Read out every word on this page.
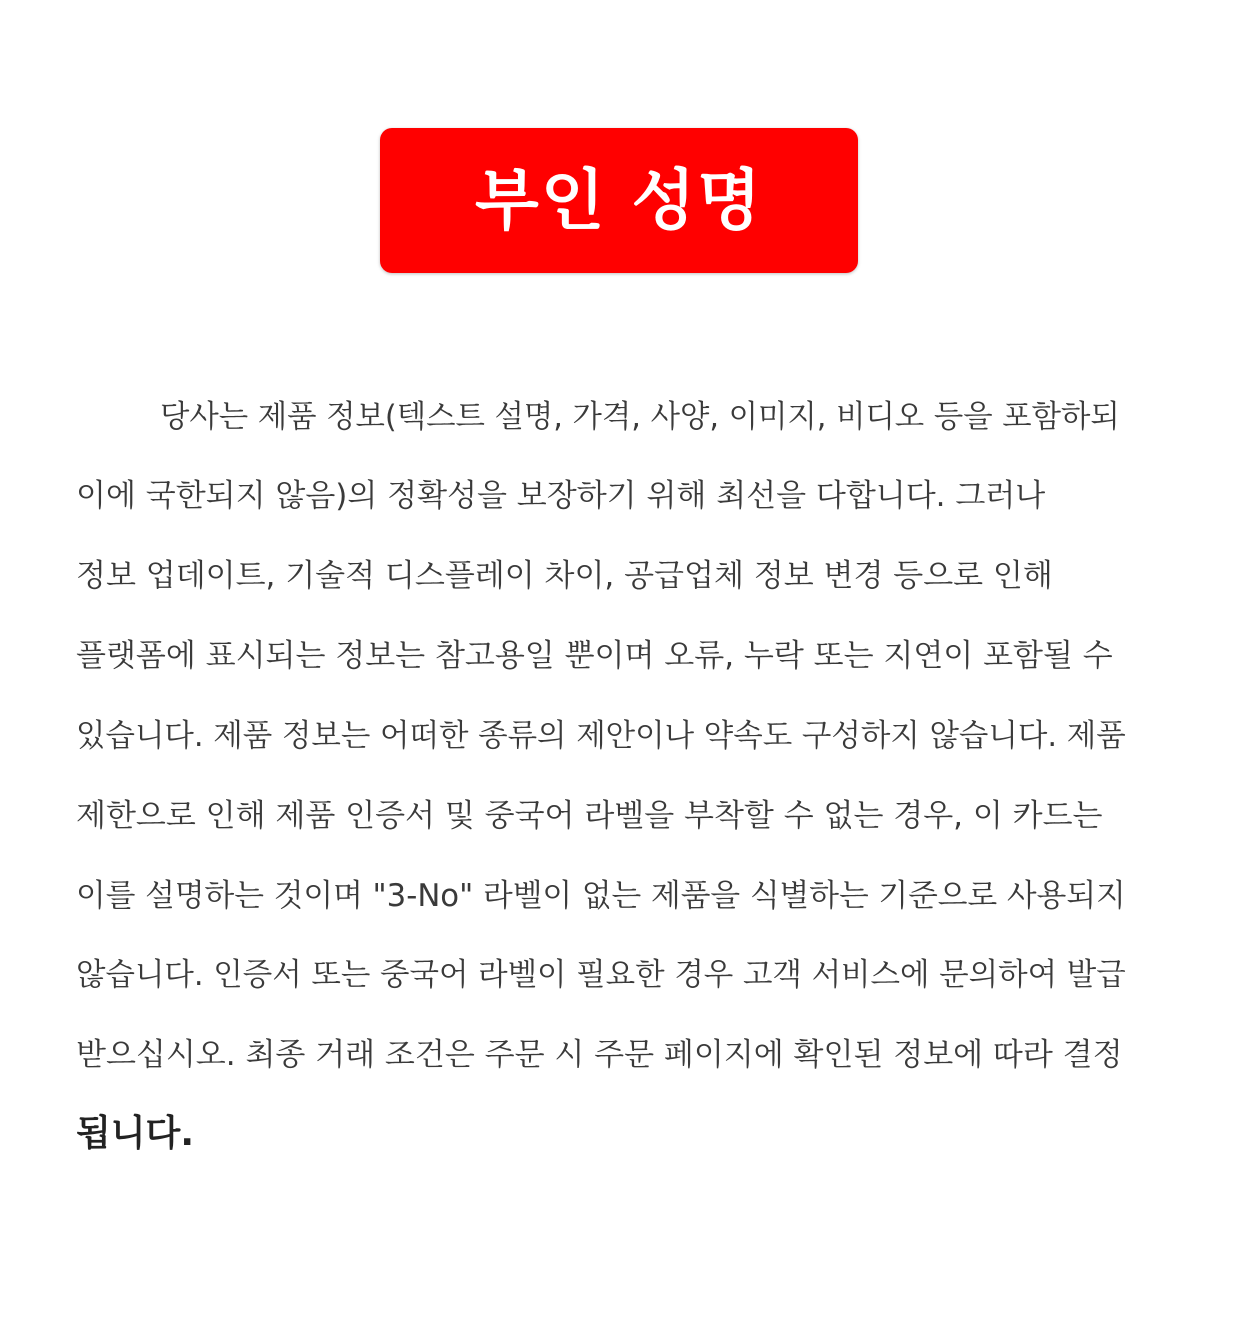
부인 성명
당사는 제품 정보(텍스트 설명, 가격, 사양, 이미지, 비디오 등을 포함하되
이에 국한되지 않음)의 정확성을 보장하기 위해 최선을 다합니다. 그러나
정보 업데이트, 기술적 디스플레이 차이, 공급업체 정보 변경 등으로 인해
플랫폼에 표시되는 정보는 참고용일 뿐이며 오류, 누락 또는 지연이 포함될 수
있습니다. 제품 정보는 어떠한 종류의 제안이나 약속도 구성하지 않습니다. 제품
제한으로 인해 제품 인증서 및 중국어 라벨을 부착할 수 없는 경우, 이 카드는
이를 설명하는 것이며 "3-No" 라벨이 없는 제품을 식별하는 기준으로 사용되지
않습니다. 인증서 또는 중국어 라벨이 필요한 경우 고객 서비스에 문의하여 발급
받으십시오. 최종 거래 조건은 주문 시 주문 페이지에 확인된 정보에 따라 결정
됩니다.
